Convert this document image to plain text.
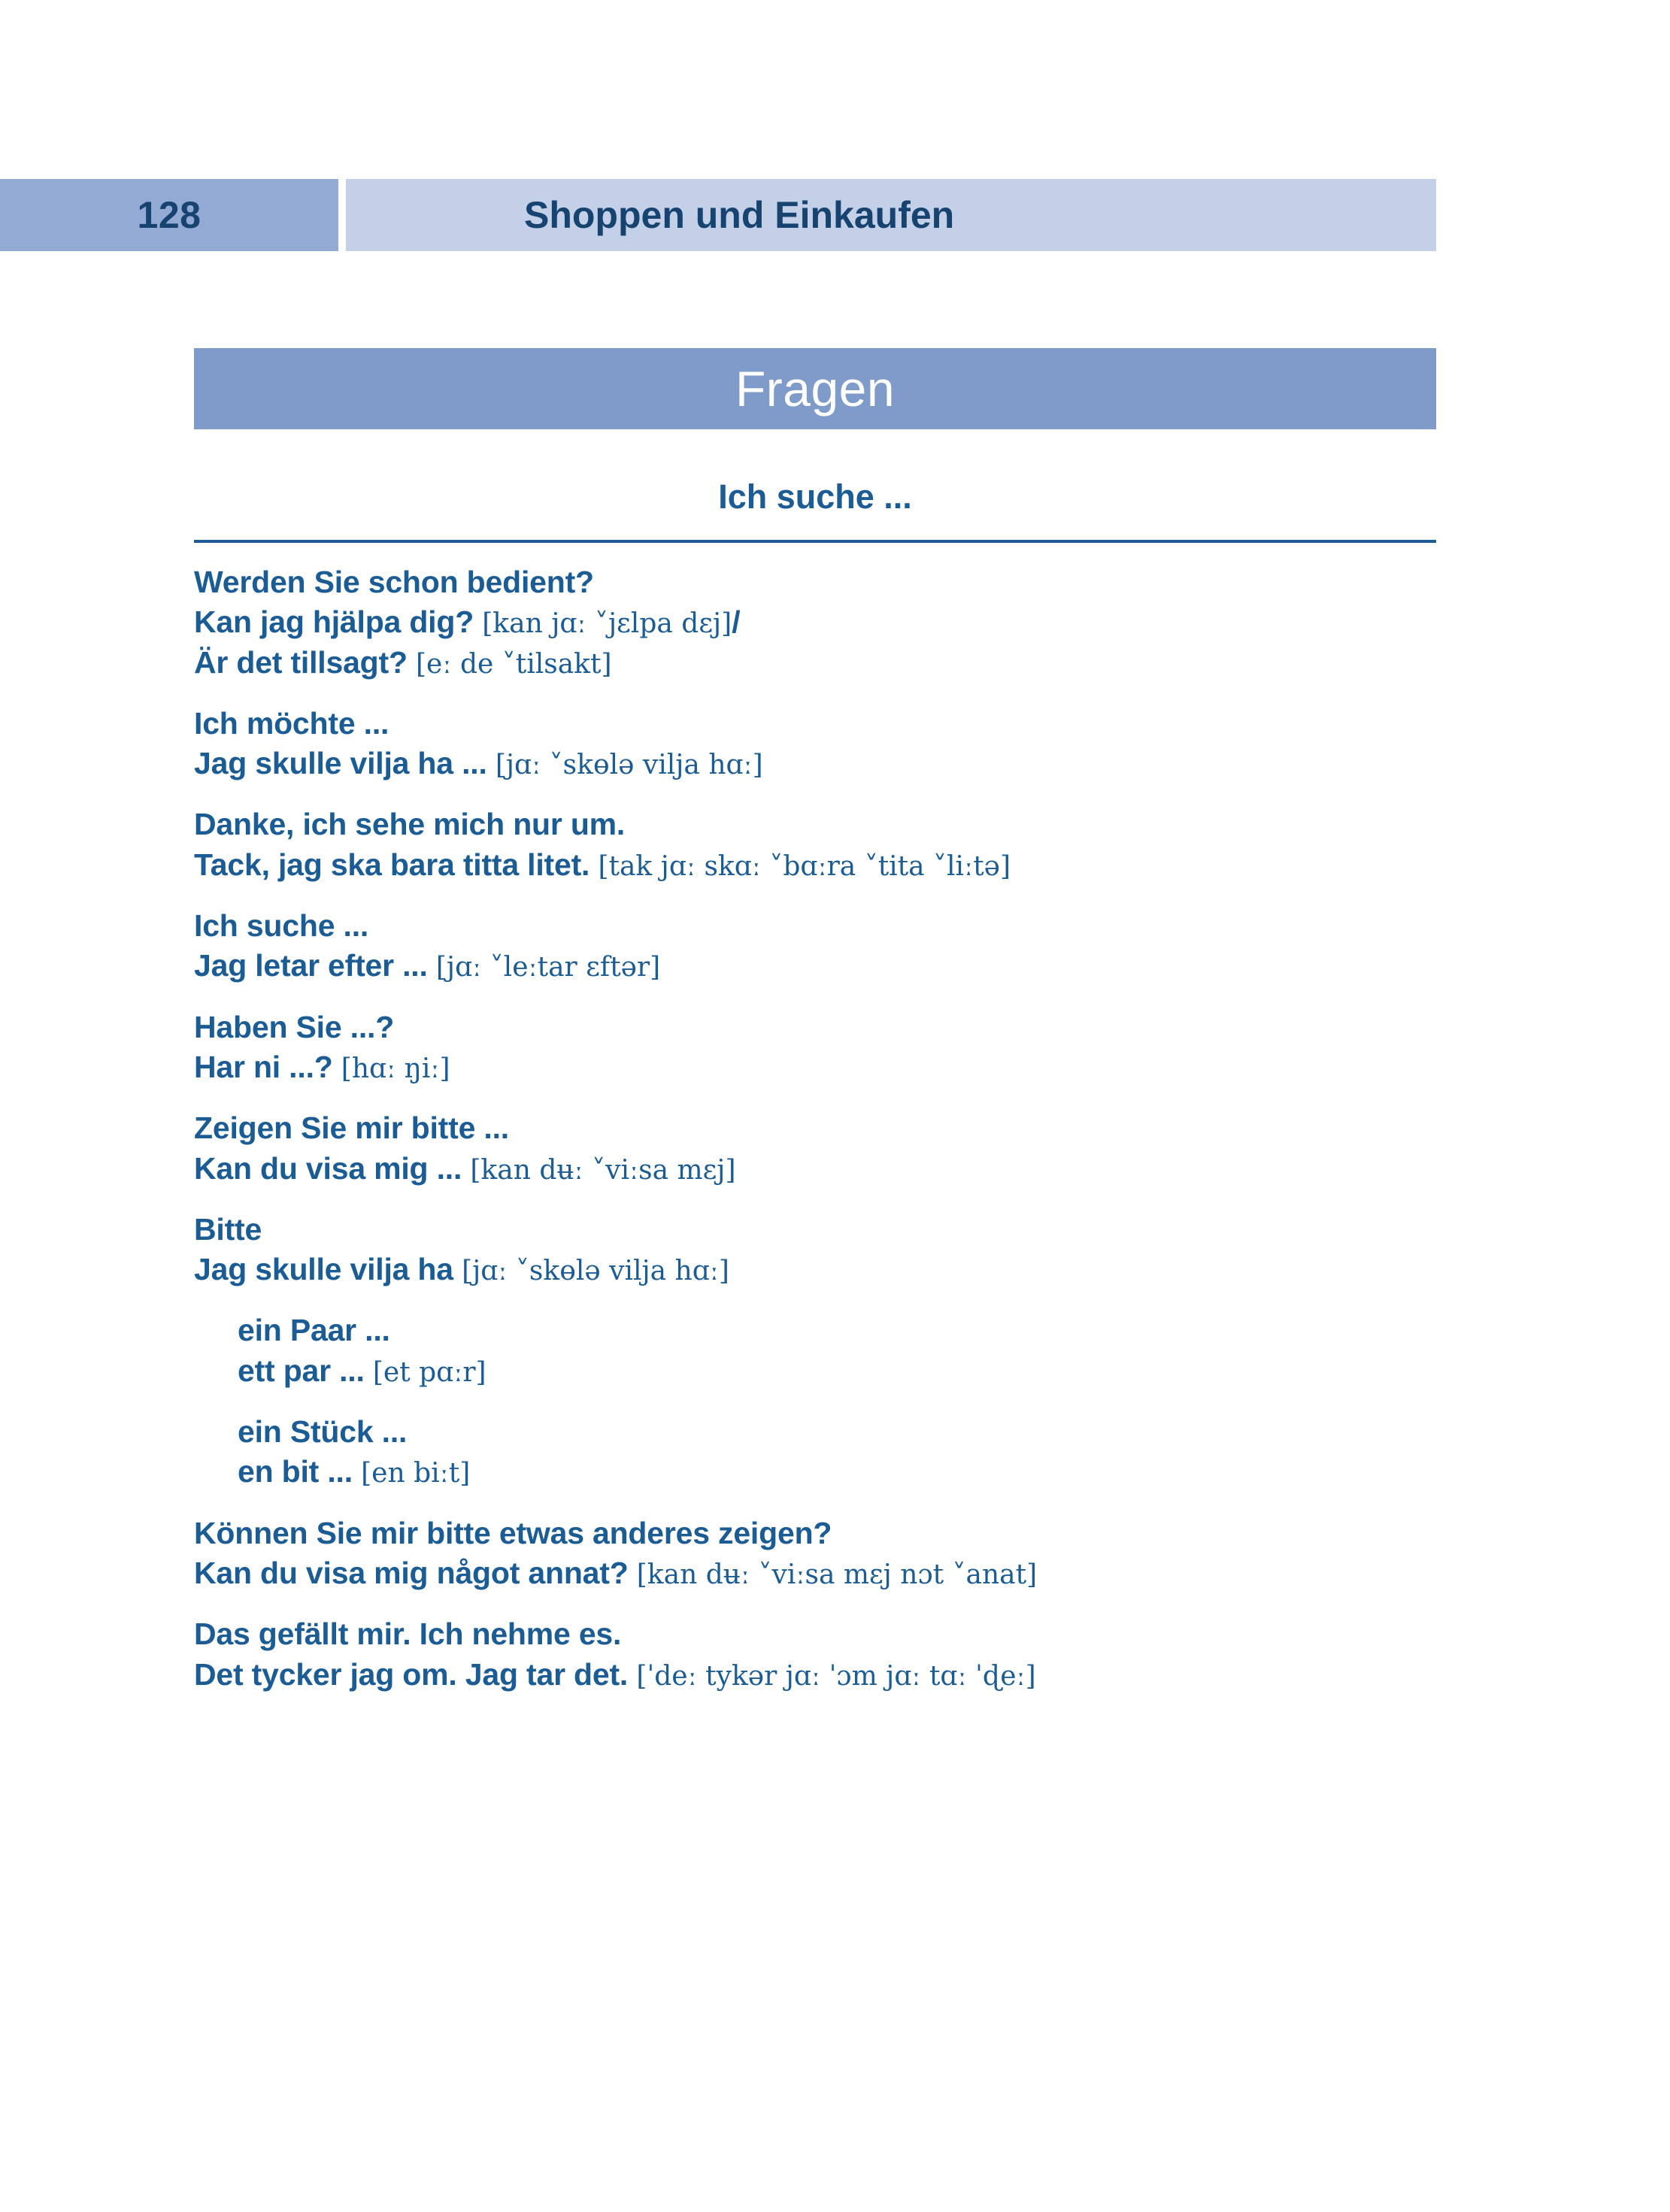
128	Shoppen und Einkaufen
Fragen
Ich suche ...
Werden Sie schon bedient?
Kan jag hjälpa dig? [kan jɑː ˅jɛlpa dɛj]/
Är det tillsagt? [eː de ˅tilsakt]
Ich möchte ...
Jag skulle vilja ha ... [jɑː ˅skɵlə vilja hɑː]
Danke, ich sehe mich nur um.
Tack, jag ska bara titta litet. [tak jɑː skɑː ˅bɑːra ˅tita ˅liːtə]
Ich suche ...
Jag letar efter ... [jɑː ˅leːtar ɛftər]
Haben Sie ...?
Har ni ...? [hɑː ŋiː]
Zeigen Sie mir bitte ...
Kan du visa mig ... [kan dʉː ˅viːsa mɛj]
Bitte
Jag skulle vilja ha [jɑː ˅skɵlə vilja hɑː]
ein Paar ...
ett par ... [et pɑːr]
ein Stück ...
en bit ... [en biːt]
Können Sie mir bitte etwas anderes zeigen?
Kan du visa mig något annat? [kan dʉː ˅viːsa mɛj nɔt ˅anat]
Das gefällt mir. Ich nehme es.
Det tycker jag om. Jag tar det. [ˈdeː tykər jɑː ˈɔm jɑː tɑː ˈɖeː]
